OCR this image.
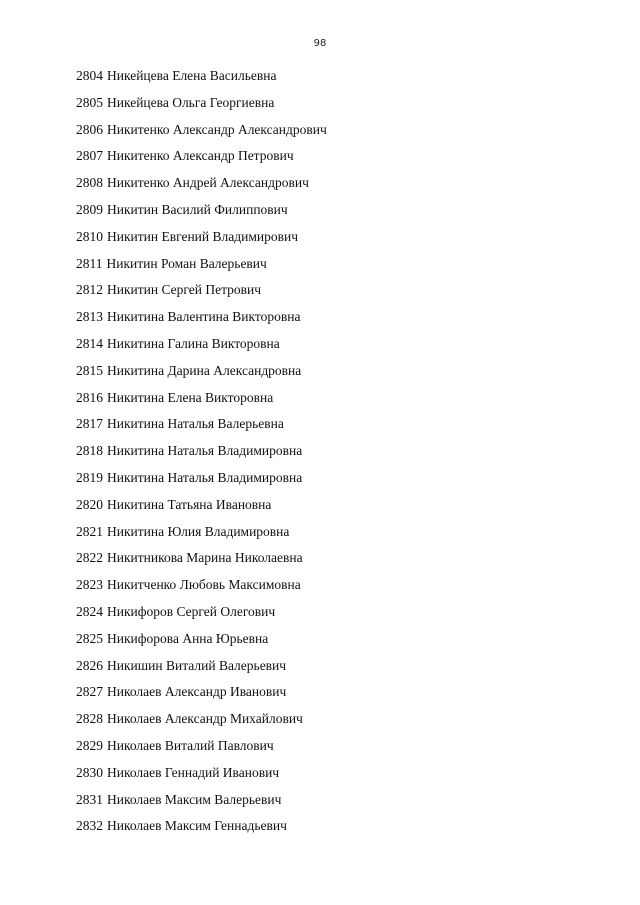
98
2804 Никейцева Елена Васильевна
2805 Никейцева Ольга Георгиевна
2806 Никитенко Александр Александрович
2807 Никитенко Александр Петрович
2808 Никитенко Андрей Александрович
2809 Никитин Василий Филиппович
2810 Никитин Евгений Владимирович
2811 Никитин Роман Валерьевич
2812 Никитин Сергей Петрович
2813 Никитина Валентина Викторовна
2814 Никитина Галина Викторовна
2815 Никитина Дарина Александровна
2816 Никитина Елена Викторовна
2817 Никитина Наталья Валерьевна
2818 Никитина Наталья Владимировна
2819 Никитина Наталья Владимировна
2820 Никитина Татьяна Ивановна
2821 Никитина Юлия Владимировна
2822 Никитникова Марина Николаевна
2823 Никитченко Любовь Максимовна
2824 Никифоров Сергей Олегович
2825 Никифорова Анна Юрьевна
2826 Никишин Виталий Валерьевич
2827 Николаев Александр Иванович
2828 Николаев Александр Михайлович
2829 Николаев Виталий Павлович
2830 Николаев Геннадий Иванович
2831 Николаев Максим Валерьевич
2832 Николаев Максим Геннадьевич
